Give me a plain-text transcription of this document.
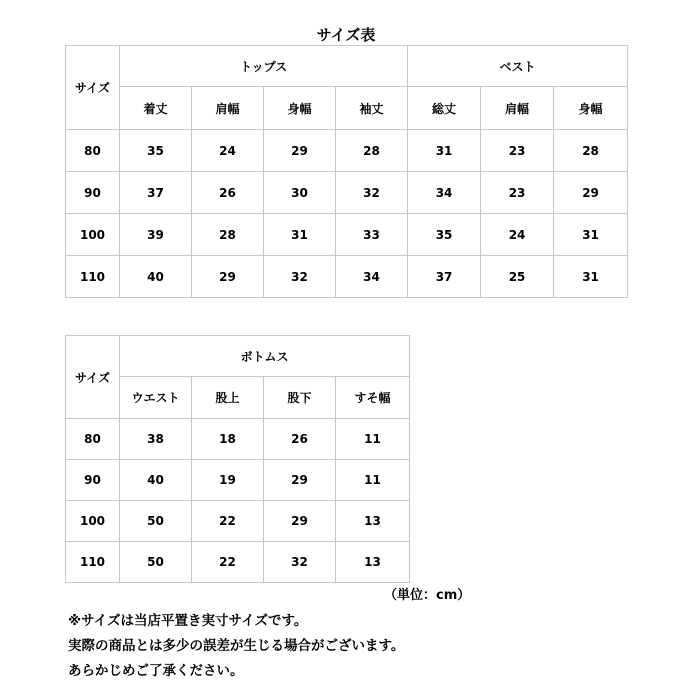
サイズ表
サイズ	トップス				ベスト		
	着丈	肩幅	身幅	袖丈	総丈	肩幅	身幅
80	35	24	29	28	31	23	28
90	37	26	30	32	34	23	29
100	39	28	31	33	35	24	31
110	40	29	32	34	37	25	31
サイズ	ボトムス			
	ウエスト	股上	股下	すそ幅
80	38	18	26	11
90	40	19	29	11
100	50	22	29	13
110	50	22	32	13
（単位：cm）
※サイズは当店平置き実寸サイズです。
実際の商品とは多少の誤差が生じる場合がございます。
あらかじめご了承ください。
